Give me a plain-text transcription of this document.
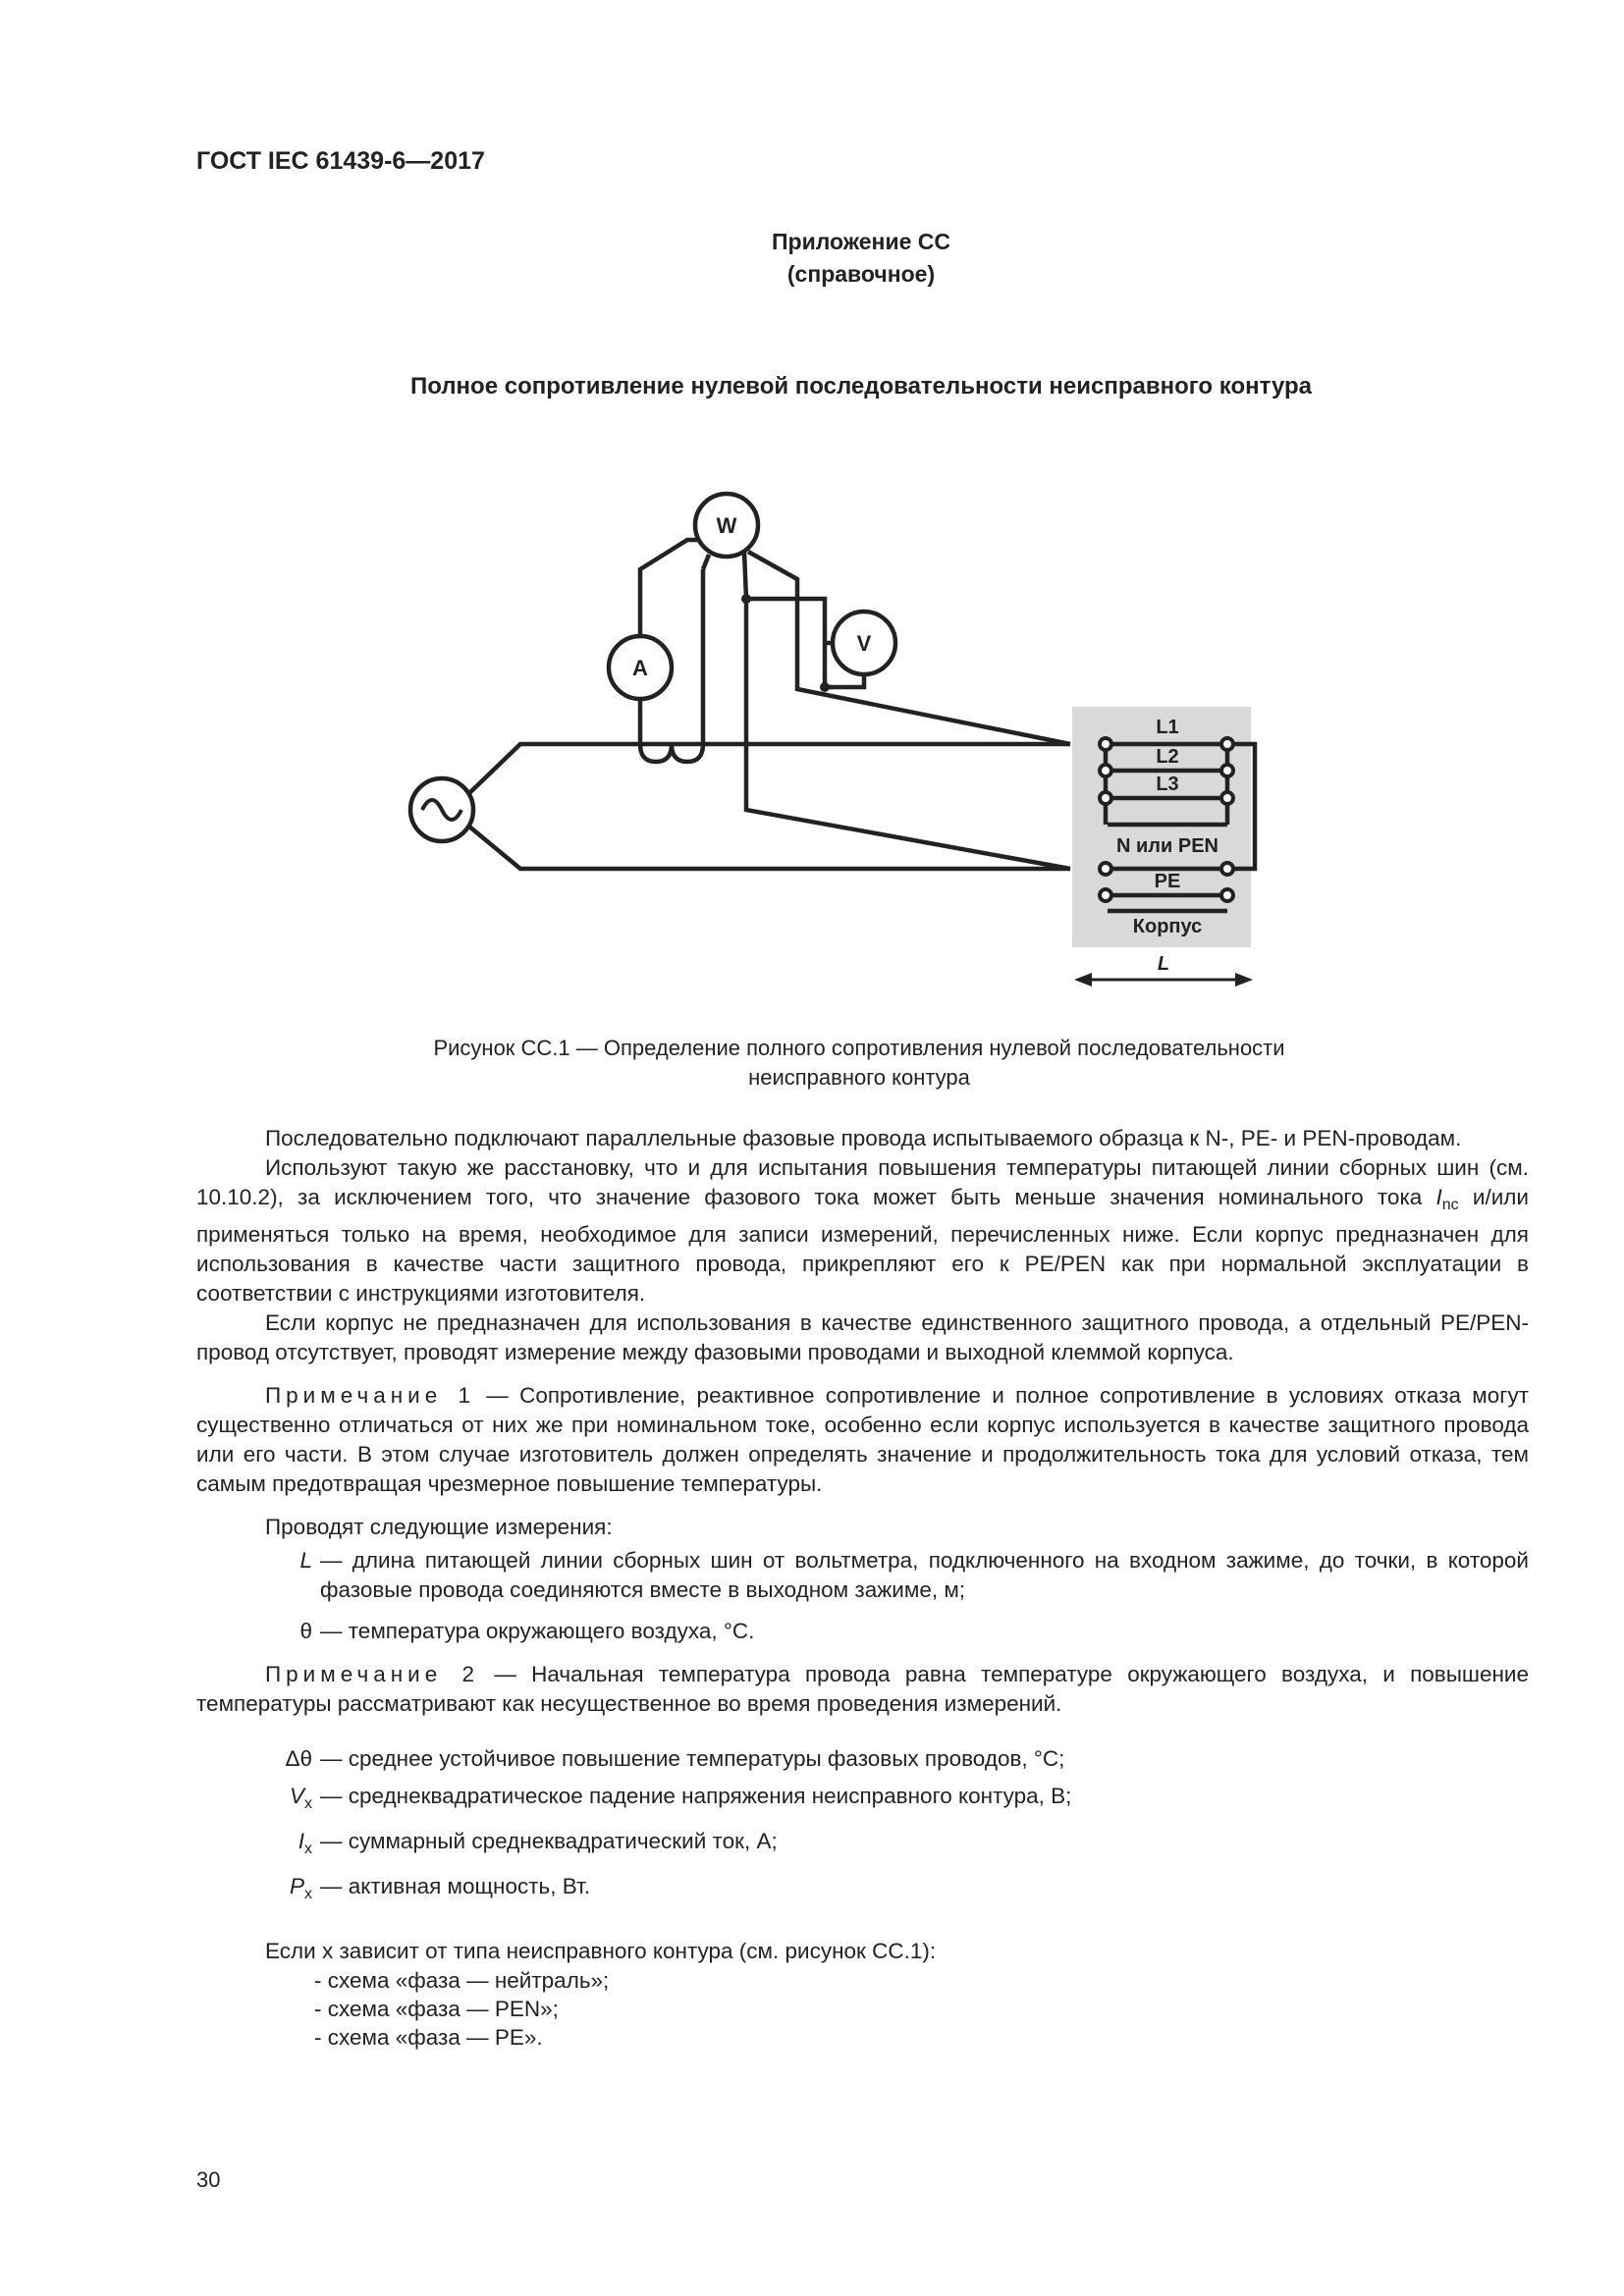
ГОСТ IEC 61439-6—2017
Приложение СС
(справочное)
Полное сопротивление нулевой последовательности неисправного контура
W
A
V
L1
L2
L3
N или PEN
PE
Корпус
L
Рисунок CC.1 — Определение полного сопротивления нулевой последовательности
неисправного контура

Последовательно подключают параллельные фазовые провода испытываемого образца к N-, PE- и PEN-проводам.

Используют такую же расстановку, что и для испытания повышения температуры питающей линии сборных шин (см. 10.10.2), за исключением того, что значение фазового тока может быть меньше значения номинального тока $I_{nc}$ и/или применяться только на время, необходимое для записи измерений, перечисленных ниже. Если корпус предназначен для использования в качестве части защитного провода, прикрепляют его к PE/PEN как при нормальной эксплуатации в соответствии с инструкциями изготовителя.

Если корпус не предназначен для использования в качестве единственного защитного провода, а отдельный PE/PEN-провод отсутствует, проводят измерение между фазовыми проводами и выходной клеммой корпуса.

Примечание 1 — Сопротивление, реактивное сопротивление и полное сопротивление в условиях отказа могут существенно отличаться от них же при номинальном токе, особенно если корпус используется в качестве защитного провода или его части. В этом случае изготовитель должен определять значение и продолжительность тока для условий отказа, тем самым предотвращая чрезмерное повышение температуры.

Проводят следующие измерения:

L — длина питающей линии сборных шин от вольтметра, подключенного на входном зажиме, до точки, в которой фазовые провода соединяются вместе в выходном зажиме, м;
θ — температура окружающего воздуха, °C.

Примечание 2 — Начальная температура провода равна температуре окружающего воздуха, и повышение температуры рассматривают как несущественное во время проведения измерений.

Δθ — среднее устойчивое повышение температуры фазовых проводов, °C;
$V_x$ — среднеквадратическое падение напряжения неисправного контура, В;
$I_x$ — суммарный среднеквадратический ток, А;
$P_x$ — активная мощность, Вт.

Если x зависит от типа неисправного контура (см. рисунок CC.1):

- схема «фаза — нейтраль»;
- схема «фаза — PEN»;
- схема «фаза — PE».
30
